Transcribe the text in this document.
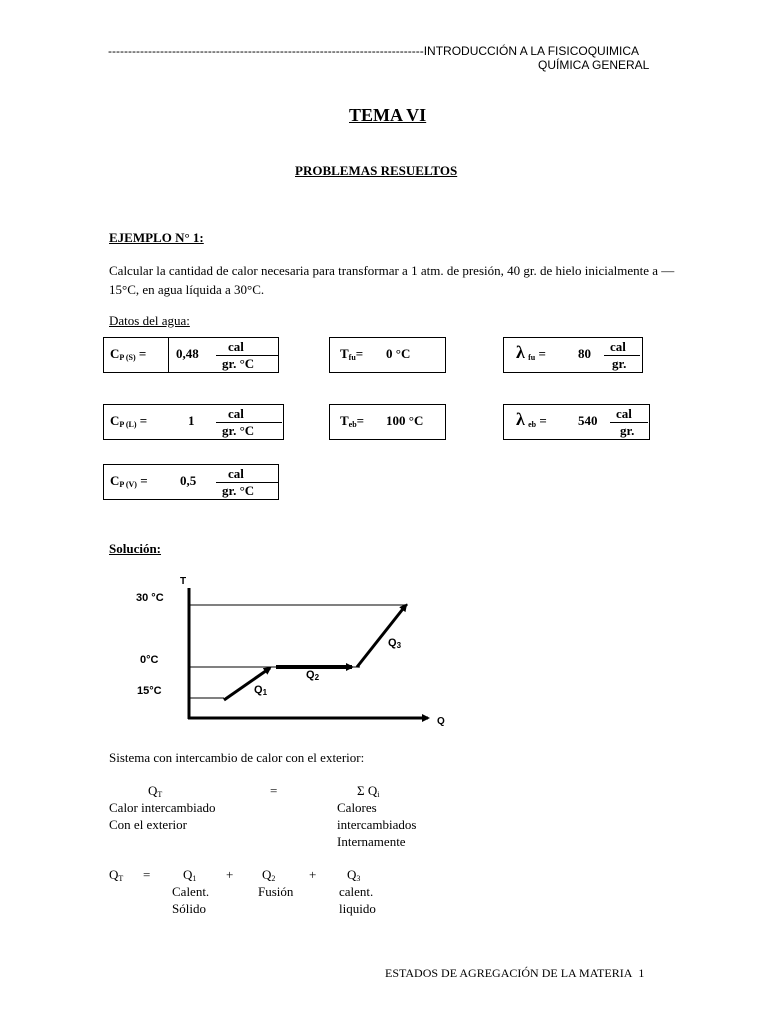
-------------------------------------------------------------------------------INTRODUCCIÓN A LA FISICOQUIMICA
QUÍMICA GENERAL
TEMA VI
PROBLEMAS RESUELTOS
EJEMPLO N° 1:
Calcular la cantidad de calor necesaria para transformar a 1 atm. de presión, 40 gr. de hielo inicialmente a —15°C, en agua líquida a 30°C.
Datos del agua:
$C_{P (S)} = 0,48$ cal
gr. °C
$T_{fu}= 0$ °C	λ $_{fu}$ = 80 cal
gr.
$C_{P (L)}$ =	1	cal
gr. °C
$T_{eb}= 100$ °C	λ $_{eb}$ = 540 cal
gr.
$C_{P (V)} = 0,5$ cal
gr. °C
Solución:
T
Q
30 °C
0°C
15°C	$Q_1$
$Q_2$
$Q_3$
Sistema con intercambio de calor con el exterior:
$Q_T$	=	Σ $Q_i$
Calor intercambiado
Con el exterior
Calores
intercambiados
Internamente
$Q_T$ =	$Q_1 + Q_2$	+ $Q_3$
Calent.
Sólido
Fusión	calent.
liquido
ESTADOS DE AGREGACIÓN DE LA MATERIA 1
